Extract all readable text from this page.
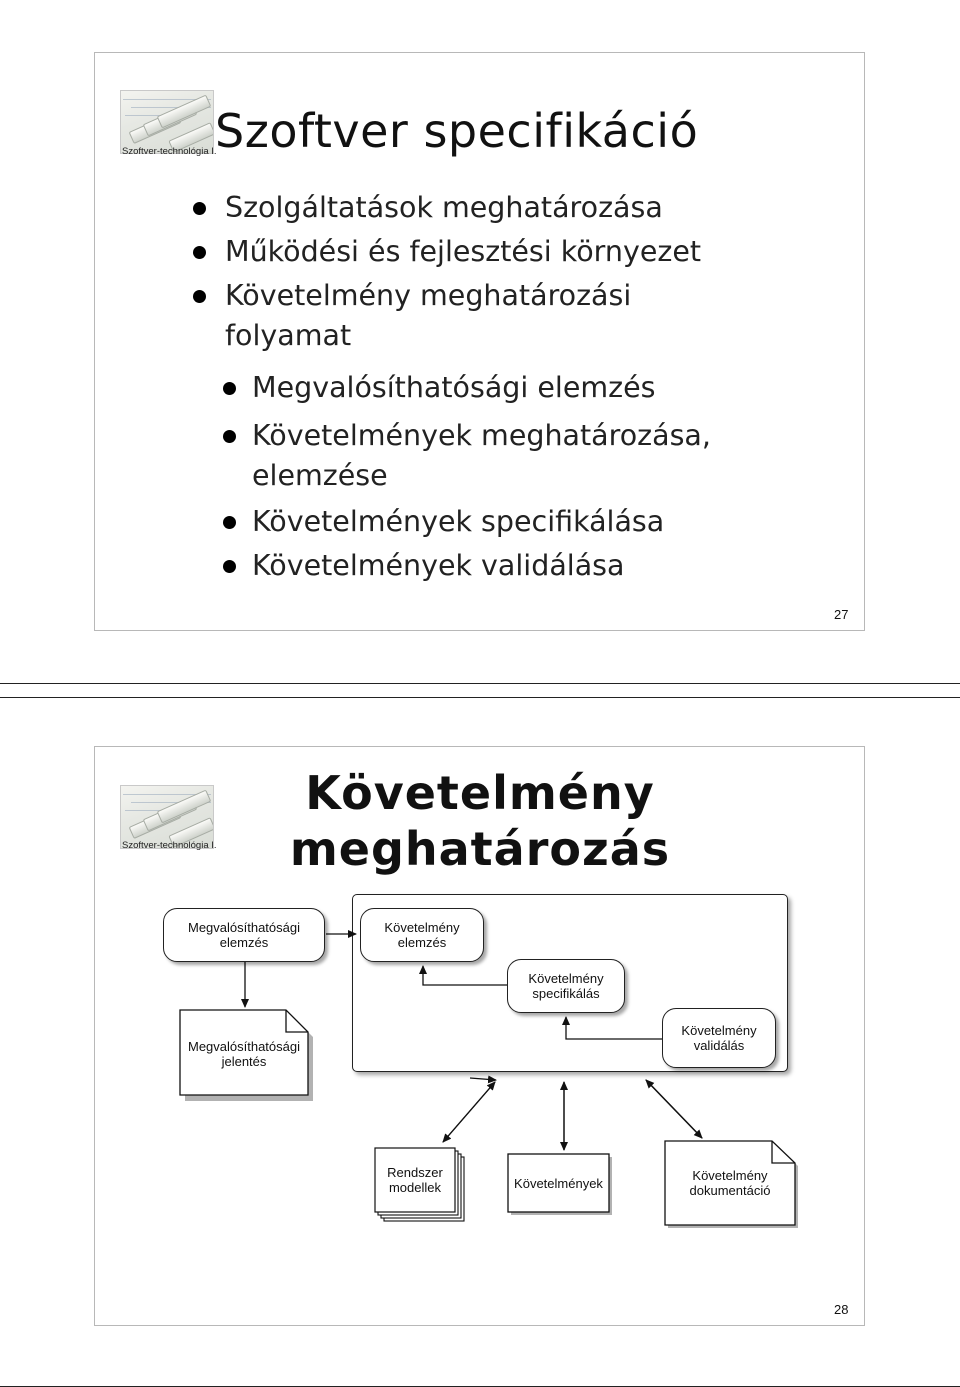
Szoftver-technológia I.
Szoftver specifikáció
Szolgáltatások meghatározása
Működési és fejlesztési környezet
Követelmény meghatározási
folyamat
Megvalósíthatósági elemzés
Követelmények meghatározása,
elemzése
Követelmények specifikálása
Követelmények validálása
27
Szoftver-technológia I.
Követelmény
meghatározás
Megvalósíthatósági
elemzés
Követelmény
elemzés
Követelmény
specifikálás
Követelmény
validálás
Megvalósíthatósági
jelentés
Rendszer
modellek	Követelmények	Követelmény
dokumentáció
28
